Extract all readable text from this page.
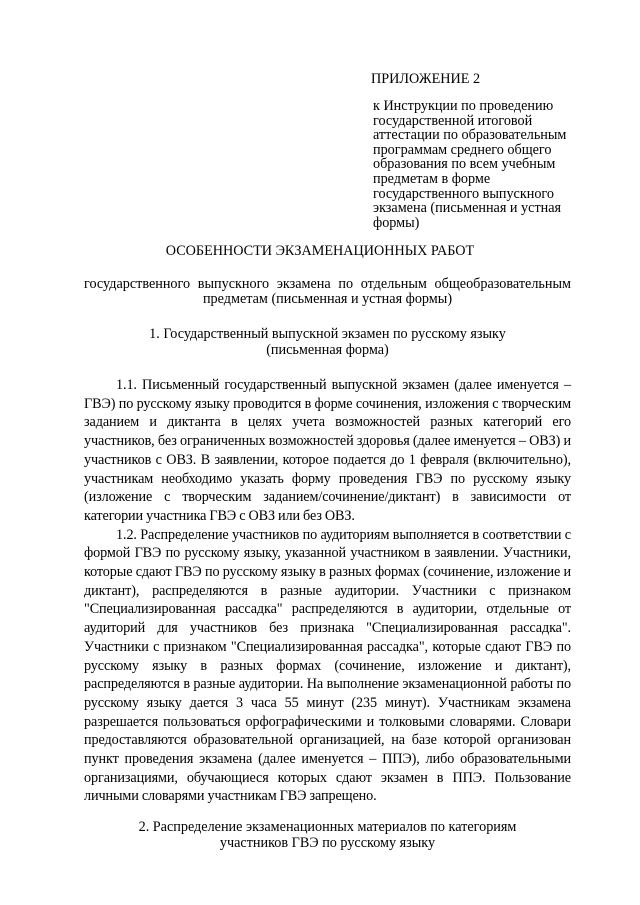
ПРИЛОЖЕНИЕ 2
к Инструкции по проведению государственной итоговой аттестации по образовательным программам среднего общего образования по всем учебным предметам в форме государственного выпускного экзамена (письменная и устная формы)
ОСОБЕННОСТИ ЭКЗАМЕНАЦИОННЫХ РАБОТ
государственного выпускного экзамена по отдельным общеобразовательным предметам (письменная и устная формы)
1. Государственный выпускной экзамен по русскому языку
(письменная форма)

1.1. Письменный государственный выпускной экзамен (далее именуется – ГВЭ) по русскому языку проводится в форме сочинения, изложения с творческим заданием и диктанта в целях учета возможностей разных категорий его участников, без ограниченных возможностей здоровья (далее именуется – ОВЗ) и участников с ОВЗ. В заявлении, которое подается до 1 февраля (включительно), участникам необходимо указать форму проведения ГВЭ по русскому языку (изложение с творческим заданием/сочинение/диктант) в зависимости от категории участника ГВЭ с ОВЗ или без ОВЗ.

1.2. Распределение участников по аудиториям выполняется в соответствии с формой ГВЭ по русскому языку, указанной участником в заявлении. Участники, которые сдают ГВЭ по русскому языку в разных формах (сочинение, изложение и диктант), распределяются в разные аудитории. Участники с признаком "Специализированная рассадка" распределяются в аудитории, отдельные от аудиторий для участников без признака "Специализированная рассадка". Участники с признаком "Специализированная рассадка", которые сдают ГВЭ по русскому языку в разных формах (сочинение, изложение и диктант), распределяются в разные аудитории. На выполнение экзаменационной работы по русскому языку дается 3 часа 55 минут (235 минут). Участникам экзамена разрешается пользоваться орфографическими и толковыми словарями. Словари предоставляются образовательной организацией, на базе которой организован пункт проведения экзамена (далее именуется – ППЭ), либо образовательными организациями, обучающиеся которых сдают экзамен в ППЭ. Пользование личными словарями участникам ГВЭ запрещено.

2. Распределение экзаменационных материалов по категориям
участников ГВЭ по русскому языку
